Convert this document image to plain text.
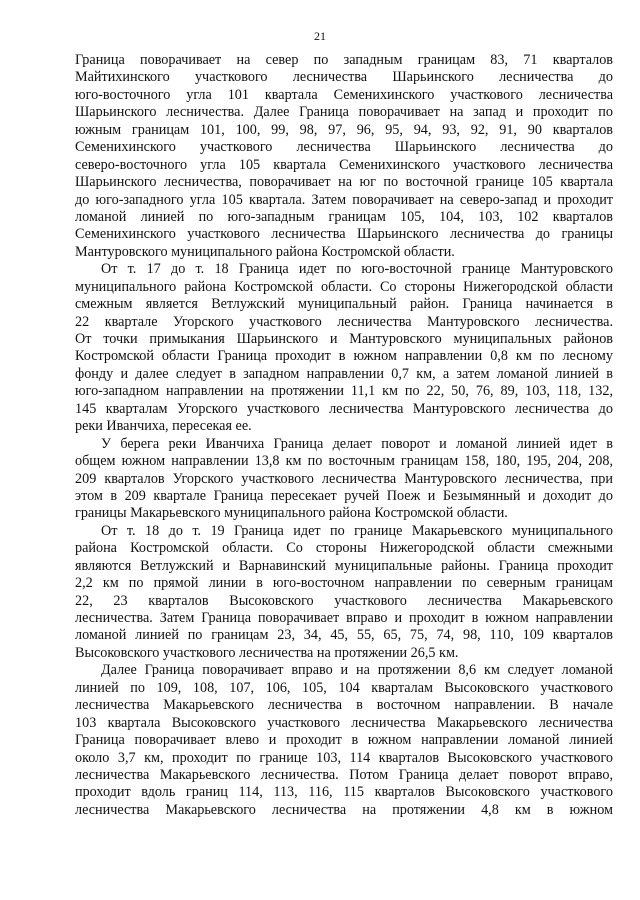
21
Граница поворачивает на север по западным границам 83, 71 кварталов
Майтихинского участкового лесничества Шарьинского лесничества до
юго-восточного угла 101 квартала Семенихинского участкового лесничества
Шарьинского лесничества. Далее Граница поворачивает на запад и проходит по
южным границам 101, 100, 99, 98, 97, 96, 95, 94, 93, 92, 91, 90 кварталов
Семенихинского участкового лесничества Шарьинского лесничества до
северо-восточного угла 105 квартала Семенихинского участкового лесничества
Шарьинского лесничества, поворачивает на юг по восточной границе 105 квартала
до юго-западного угла 105 квартала. Затем поворачивает на северо-запад и проходит
ломаной линией по юго-западным границам 105, 104, 103, 102 кварталов
Семенихинского участкового лесничества Шарьинского лесничества до границы
Мантуровского муниципального района Костромской области.
От т. 17 до т. 18 Граница идет по юго-восточной границе Мантуровского
муниципального района Костромской области. Со стороны Нижегородской области
смежным является Ветлужский муниципальный район. Граница начинается в
22 квартале Угорского участкового лесничества Мантуровского лесничества.
От точки примыкания Шарьинского и Мантуровского муниципальных районов
Костромской области Граница проходит в южном направлении 0,8 км по лесному
фонду и далее следует в западном направлении 0,7 км, а затем ломаной линией в
юго-западном направлении на протяжении 11,1 км по 22, 50, 76, 89, 103, 118, 132,
145 кварталам Угорского участкового лесничества Мантуровского лесничества до
реки Иванчиха, пересекая ее.
У берега реки Иванчиха Граница делает поворот и ломаной линией идет в
общем южном направлении 13,8 км по восточным границам 158, 180, 195, 204, 208,
209 кварталов Угорского участкового лесничества Мантуровского лесничества, при
этом в 209 квартале Граница пересекает ручей Поеж и Безымянный и доходит до
границы Макарьевского муниципального района Костромской области.
От т. 18 до т. 19 Граница идет по границе Макарьевского муниципального
района Костромской области. Со стороны Нижегородской области смежными
являются Ветлужский и Варнавинский муниципальные районы. Граница проходит
2,2 км по прямой линии в юго-восточном направлении по северным границам
22, 23 кварталов Высоковского участкового лесничества Макарьевского
лесничества. Затем Граница поворачивает вправо и проходит в южном направлении
ломаной линией по границам 23, 34, 45, 55, 65, 75, 74, 98, 110, 109 кварталов
Высоковского участкового лесничества на протяжении 26,5 км.
Далее Граница поворачивает вправо и на протяжении 8,6 км следует ломаной
линией по 109, 108, 107, 106, 105, 104 кварталам Высоковского участкового
лесничества Макарьевского лесничества в восточном направлении. В начале
103 квартала Высоковского участкового лесничества Макарьевского лесничества
Граница поворачивает влево и проходит в южном направлении ломаной линией
около 3,7 км, проходит по границе 103, 114 кварталов Высоковского участкового
лесничества Макарьевского лесничества. Потом Граница делает поворот вправо,
проходит вдоль границ 114, 113, 116, 115 кварталов Высоковского участкового
лесничества Макарьевского лесничества на протяжении 4,8 км в южном
